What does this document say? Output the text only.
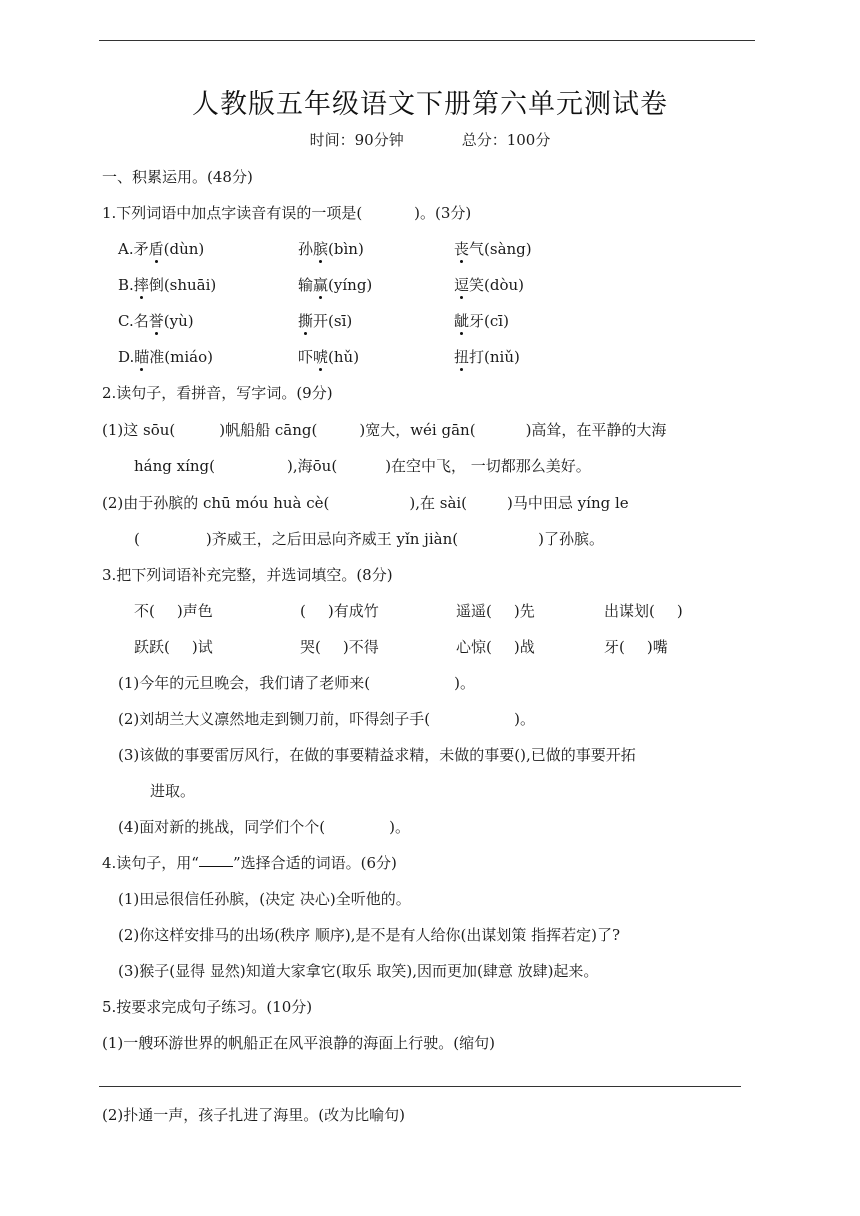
人教版五年级语文下册第六单元测试卷
时间：90分钟	总分：100分
一、积累运用。(48分)
1.下列词语中加点字读音有误的一项是(	)。(3分)
A.矛盾(dùn)	孙膑(bìn)	丧气(sàng)
B.摔倒(shuāi)	输赢(yíng)	逗笑(dòu)
C.名誉(yù)	撕开(sī)	龇牙(cī)
D.瞄准(miáo)	吓唬(hǔ)	扭打(niǔ)
2.读句子，看拼音，写字词。(9分)
(1)这 sōu(	)帆船船 cāng(	)宽大，wéi gān(	)高耸，在平静的大海
háng xíng(	),海ōu(	)在空中飞， 一切都那么美好。
(2)由于孙膑的 chū móu huà cè(	),在 sài(	)马中田忌 yíng le
(	)齐威王，之后田忌向齐威王 yǐn jiàn(	)了孙膑。
3.把下列词语补充完整，并选词填空。(8分)
不( )声色	( )有成竹	遥遥( )先	出谋划( )
跃跃( )试	哭( )不得	心惊( )战	牙( )嘴
(1)今年的元旦晚会，我们请了老师来(	)。
(2)刘胡兰大义凛然地走到铡刀前，吓得刽子手(	)。
(3)该做的事要雷厉风行，在做的事要精益求精，未做的事要(),已做的事要开拓
进取。
(4)面对新的挑战，同学们个个(	)。
4.读句子，用“ ”选择合适的词语。(6分)
(1)田忌很信任孙膑，(决定 决心)全听他的。
(2)你这样安排马的出场(秩序 顺序),是不是有人给你(出谋划策 指挥若定)了?
(3)猴子(显得 显然)知道大家拿它(取乐 取笑),因而更加(肆意 放肆)起来。
5.按要求完成句子练习。(10分)
(1)一艘环游世界的帆船正在风平浪静的海面上行驶。(缩句)
(2)扑通一声，孩子扎进了海里。(改为比喻句)
